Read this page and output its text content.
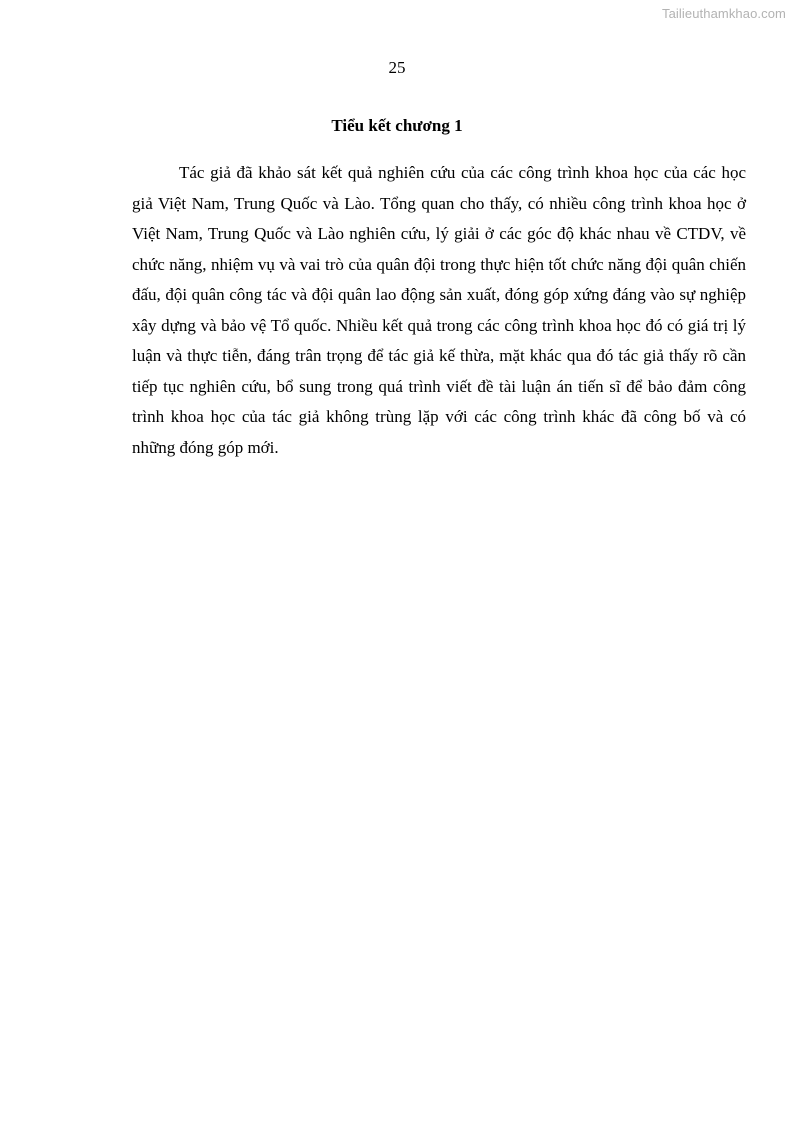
Tailieuthamkhao.com
25
Tiểu kết chương 1

Tác giả đã khảo sát kết quả nghiên cứu của các công trình khoa học của các học giả Việt Nam, Trung Quốc và Lào. Tổng quan cho thấy, có nhiều công trình khoa học ở Việt Nam, Trung Quốc và Lào nghiên cứu, lý giải ở các góc độ khác nhau về CTDV, về chức năng, nhiệm vụ và vai trò của quân đội trong thực hiện tốt chức năng đội quân chiến đấu, đội quân công tác và đội quân lao động sản xuất, đóng góp xứng đáng vào sự nghiệp xây dựng và bảo vệ Tổ quốc. Nhiều kết quả trong các công trình khoa học đó có giá trị lý luận và thực tiễn, đáng trân trọng để tác giả kế thừa, mặt khác qua đó tác giả thấy rõ cần tiếp tục nghiên cứu, bổ sung trong quá trình viết đề tài luận án tiến sĩ để bảo đảm công trình khoa học của tác giả không trùng lặp với các công trình khác đã công bố và có những đóng góp mới.
